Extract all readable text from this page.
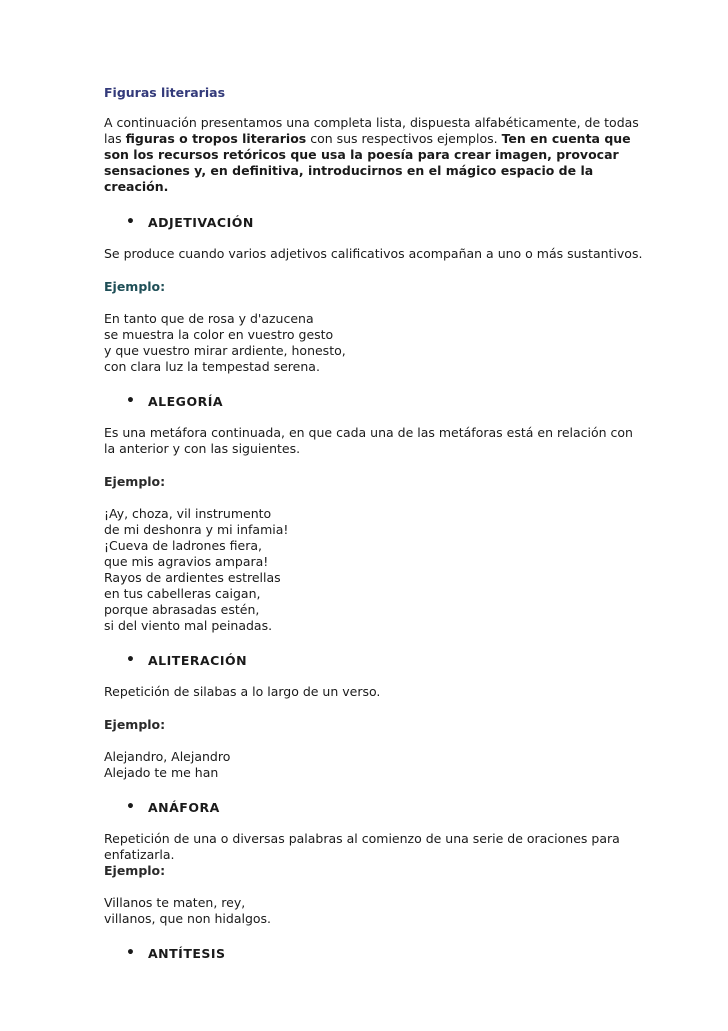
Figuras literarias

A continuación presentamos una completa lista, dispuesta alfabéticamente, de todas las figuras o tropos literarios con sus respectivos ejemplos. Ten en cuenta que son los recursos retóricos que usa la poesía para crear imagen, provocar sensaciones y, en definitiva, introducirnos en el mágico espacio de la creación.

•	ADJETIVACIÓN

Se produce cuando varios adjetivos calificativos acompañan a uno o más sustantivos.

Ejemplo:

En tanto que de rosa y d'azucena
se muestra la color en vuestro gesto
y que vuestro mirar ardiente, honesto,
con clara luz la tempestad serena.

•	ALEGORÍA

Es una metáfora continuada, en que cada una de las metáforas está en relación con la anterior y con las siguientes.

Ejemplo:

¡Ay, choza, vil instrumento
de mi deshonra y mi infamia!
¡Cueva de ladrones fiera,
que mis agravios ampara!
Rayos de ardientes estrellas
en tus cabelleras caigan,
porque abrasadas estén,
si del viento mal peinadas.

•	ALITERACIÓN

Repetición de silabas a lo largo de un verso.

Ejemplo:

Alejandro, Alejandro
Alejado te me han

•	ANÁFORA

Repetición de una o diversas palabras al comienzo de una serie de oraciones para enfatizarla.

Ejemplo:

Villanos te maten, rey,
villanos, que non hidalgos.

•	ANTÍTESIS
